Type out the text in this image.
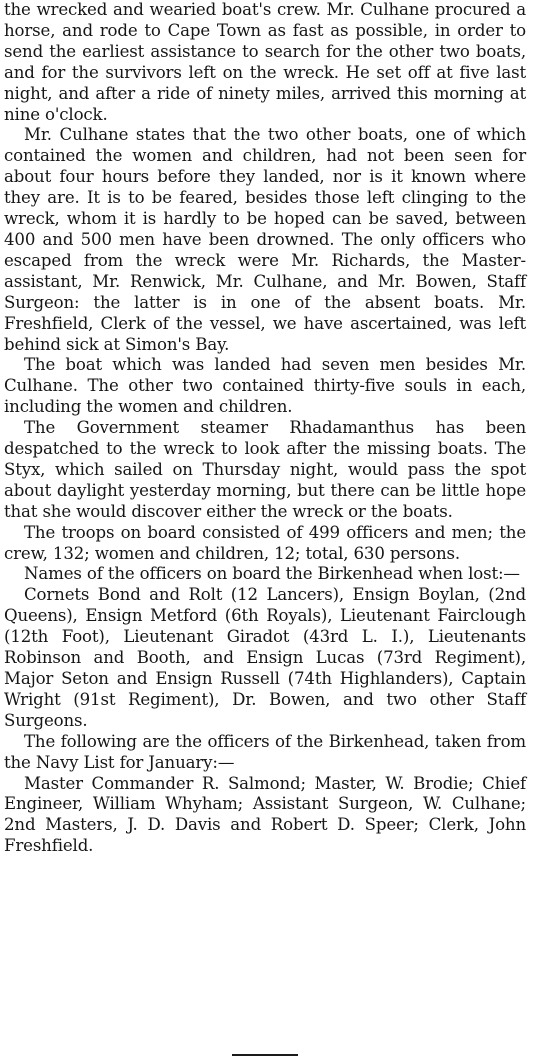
the wrecked and wearied boat's crew. Mr. Culhane procured a horse, and rode to Cape Town as fast as possible, in order to send the earliest assistance to search for the other two boats, and for the survivors left on the wreck. He set off at five last night, and after a ride of ninety miles, arrived this morning at nine o'clock.

Mr. Culhane states that the two other boats, one of which contained the women and children, had not been seen for about four hours before they landed, nor is it known where they are. It is to be feared, besides those left clinging to the wreck, whom it is hardly to be hoped can be saved, between 400 and 500 men have been drowned. The only officers who escaped from the wreck were Mr. Richards, the Master-assistant, Mr. Renwick, Mr. Culhane, and Mr. Bowen, Staff Surgeon: the latter is in one of the absent boats. Mr. Freshfield, Clerk of the vessel, we have ascertained, was left behind sick at Simon's Bay.

The boat which was landed had seven men besides Mr. Culhane. The other two contained thirty-five souls in each, including the women and children.

The Government steamer Rhadamanthus has been despatched to the wreck to look after the missing boats. The Styx, which sailed on Thursday night, would pass the spot about daylight yesterday morning, but there can be little hope that she would discover either the wreck or the boats.

The troops on board consisted of 499 officers and men; the crew, 132; women and children, 12; total, 630 persons.

Names of the officers on board the Birkenhead when lost:—

Cornets Bond and Rolt (12 Lancers), Ensign Boylan, (2nd Queens), Ensign Metford (6th Royals), Lieutenant Fairclough (12th Foot), Lieutenant Giradot (43rd L. I.), Lieutenants Robinson and Booth, and Ensign Lucas (73rd Regiment), Major Seton and Ensign Russell (74th Highlanders), Captain Wright (91st Regiment), Dr. Bowen, and two other Staff Surgeons.

The following are the officers of the Birkenhead, taken from the Navy List for January:—

Master Commander R. Salmond; Master, W. Brodie; Chief Engineer, William Whyham; Assistant Surgeon, W. Culhane; 2nd Masters, J. D. Davis and Robert D. Speer; Clerk, John Freshfield.
